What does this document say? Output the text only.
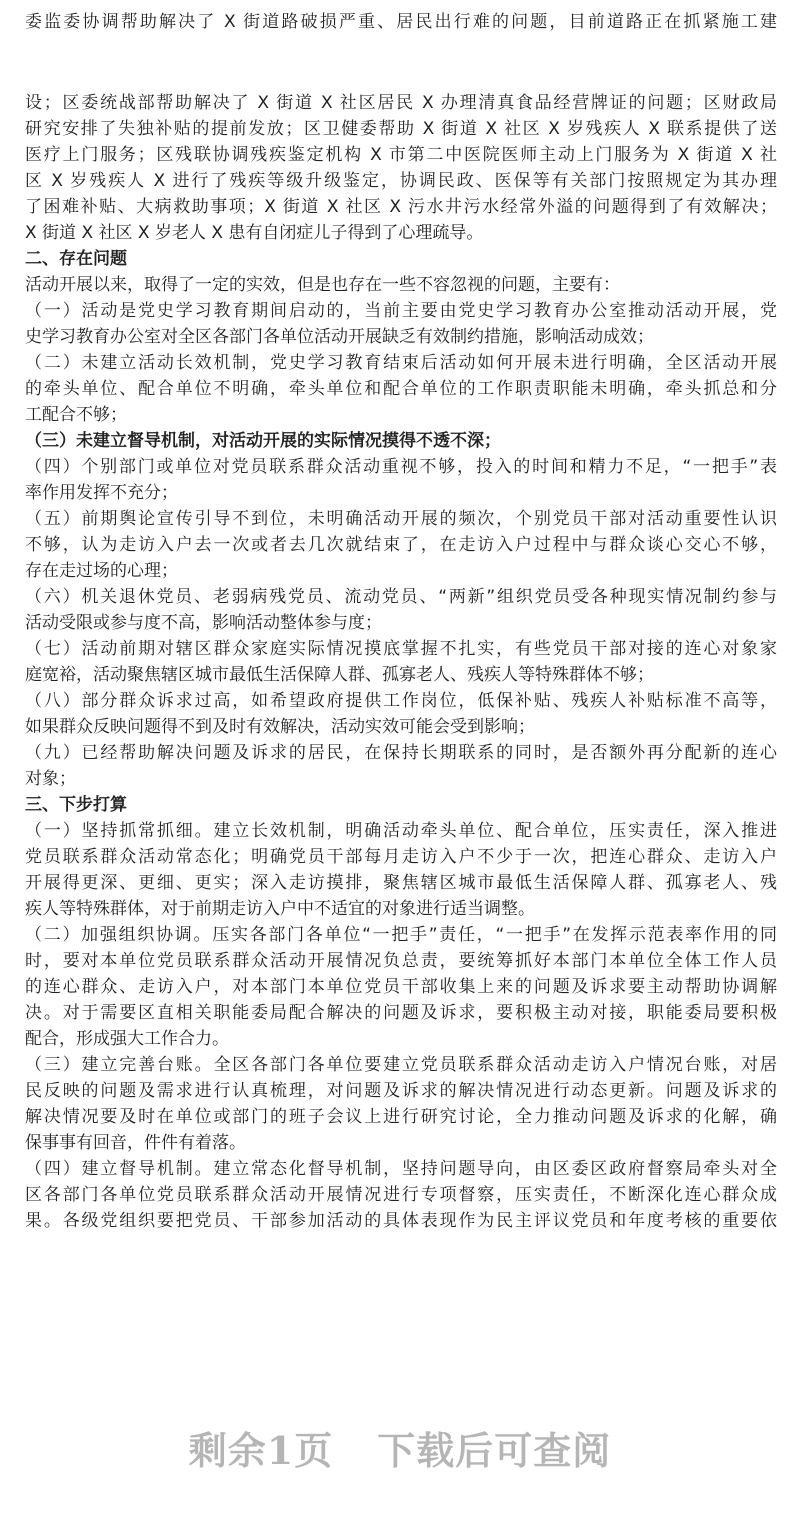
委监委协调帮助解决了 X 街道路破损严重、居民出行难的问题，目前道路正在抓紧施工建
设；区委统战部帮助解决了 X 街道 X 社区居民 X 办理清真食品经营牌证的问题；区财政局
研究安排了失独补贴的提前发放；区卫健委帮助 X 街道 X 社区 X 岁残疾人 X 联系提供了送
医疗上门服务；区残联协调残疾鉴定机构 X 市第二中医院医师主动上门服务为 X 街道 X 社
区 X 岁残疾人 X 进行了残疾等级升级鉴定，协调民政、医保等有关部门按照规定为其办理
了困难补贴、大病救助事项；X 街道 X 社区 X 污水井污水经常外溢的问题得到了有效解决；
X 街道 X 社区 X 岁老人 X 患有自闭症儿子得到了心理疏导。
二、存在问题
活动开展以来，取得了一定的实效，但是也存在一些不容忽视的问题，主要有：
（一）活动是党史学习教育期间启动的，当前主要由党史学习教育办公室推动活动开展，党
史学习教育办公室对全区各部门各单位活动开展缺乏有效制约措施，影响活动成效；
（二）未建立活动长效机制，党史学习教育结束后活动如何开展未进行明确，全区活动开展
的牵头单位、配合单位不明确，牵头单位和配合单位的工作职责职能未明确，牵头抓总和分
工配合不够；
（三）未建立督导机制，对活动开展的实际情况摸得不透不深；
（四）个别部门或单位对党员联系群众活动重视不够，投入的时间和精力不足，“一把手”表
率作用发挥不充分；
（五）前期舆论宣传引导不到位，未明确活动开展的频次，个别党员干部对活动重要性认识
不够，认为走访入户去一次或者去几次就结束了，在走访入户过程中与群众谈心交心不够，
存在走过场的心理；
（六）机关退休党员、老弱病残党员、流动党员、“两新”组织党员受各种现实情况制约参与
活动受限或参与度不高，影响活动整体参与度；
（七）活动前期对辖区群众家庭实际情况摸底掌握不扎实，有些党员干部对接的连心对象家
庭宽裕，活动聚焦辖区城市最低生活保障人群、孤寡老人、残疾人等特殊群体不够；
（八）部分群众诉求过高，如希望政府提供工作岗位，低保补贴、残疾人补贴标准不高等，
如果群众反映问题得不到及时有效解决，活动实效可能会受到影响；
（九）已经帮助解决问题及诉求的居民，在保持长期联系的同时，是否额外再分配新的连心
对象；
三、下步打算
（一）坚持抓常抓细。建立长效机制，明确活动牵头单位、配合单位，压实责任，深入推进
党员联系群众活动常态化；明确党员干部每月走访入户不少于一次，把连心群众、走访入户
开展得更深、更细、更实；深入走访摸排，聚焦辖区城市最低生活保障人群、孤寡老人、残
疾人等特殊群体，对于前期走访入户中不适宜的对象进行适当调整。
（二）加强组织协调。压实各部门各单位“一把手”责任，“一把手”在发挥示范表率作用的同
时，要对本单位党员联系群众活动开展情况负总责，要统筹抓好本部门本单位全体工作人员
的连心群众、走访入户，对本部门本单位党员干部收集上来的问题及诉求要主动帮助协调解
决。对于需要区直相关职能委局配合解决的问题及诉求，要积极主动对接，职能委局要积极
配合，形成强大工作合力。
（三）建立完善台账。全区各部门各单位要建立党员联系群众活动走访入户情况台账，对居
民反映的问题及需求进行认真梳理，对问题及诉求的解决情况进行动态更新。问题及诉求的
解决情况要及时在单位或部门的班子会议上进行研究讨论，全力推动问题及诉求的化解，确
保事事有回音，件件有着落。
（四）建立督导机制。建立常态化督导机制，坚持问题导向，由区委区政府督察局牵头对全
区各部门各单位党员联系群众活动开展情况进行专项督察，压实责任，不断深化连心群众成
果。各级党组织要把党员、干部参加活动的具体表现作为民主评议党员和年度考核的重要依
剩余1页 下载后可查阅
